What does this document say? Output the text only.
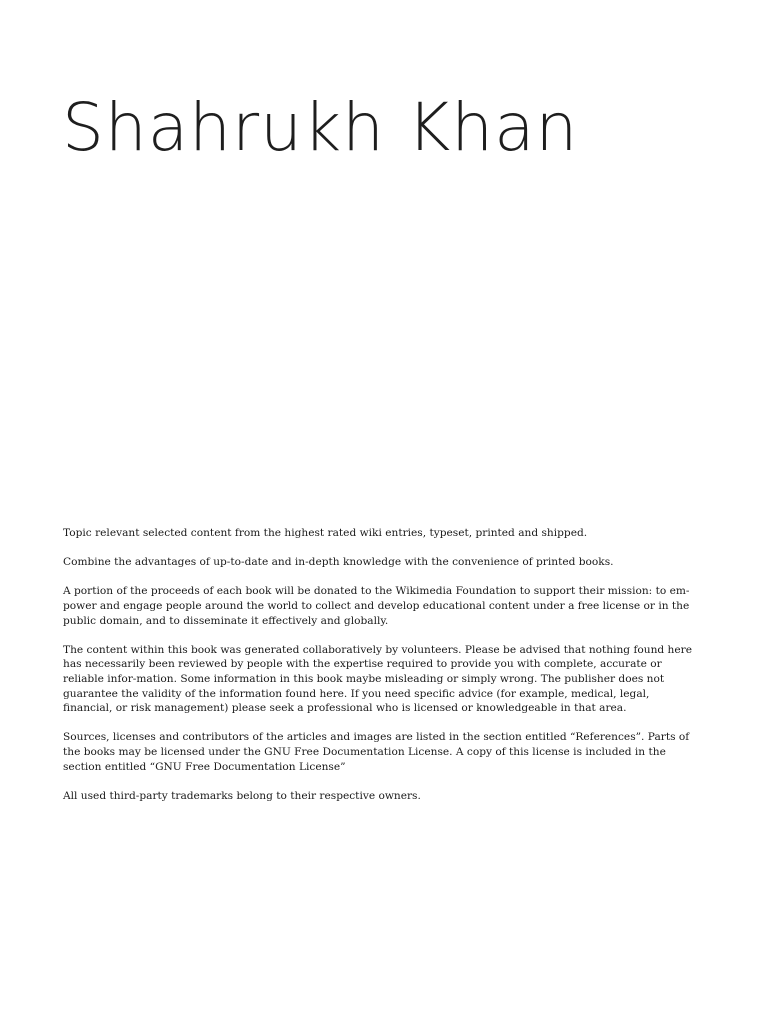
Shahrukh Khan

Topic relevant selected content from the highest rated wiki entries, typeset, printed and shipped.

Combine the advantages of up-to-date and in-depth knowledge with the convenience of printed books.

A portion of the proceeds of each book will be donated to the Wikimedia Foundation to support their mission: to em-power and engage people around the world to collect and develop educational content under a free license or in the public domain, and to disseminate it effectively and globally.

The content within this book was generated collaboratively by volunteers. Please be advised that nothing found here has necessarily been reviewed by people with the expertise required to provide you with complete, accurate or reliable infor-mation. Some information in this book maybe misleading or simply wrong. The publisher does not guarantee the validity of the information found here. If you need specific advice (for example, medical, legal, financial, or risk management) please seek a professional who is licensed or knowledgeable in that area.

Sources, licenses and contributors of the articles and images are listed in the section entitled “References”. Parts of the books may be licensed under the GNU Free Documentation License. A copy of this license is included in the section entitled “GNU Free Documentation License”

All used third-party trademarks belong to their respective owners.
